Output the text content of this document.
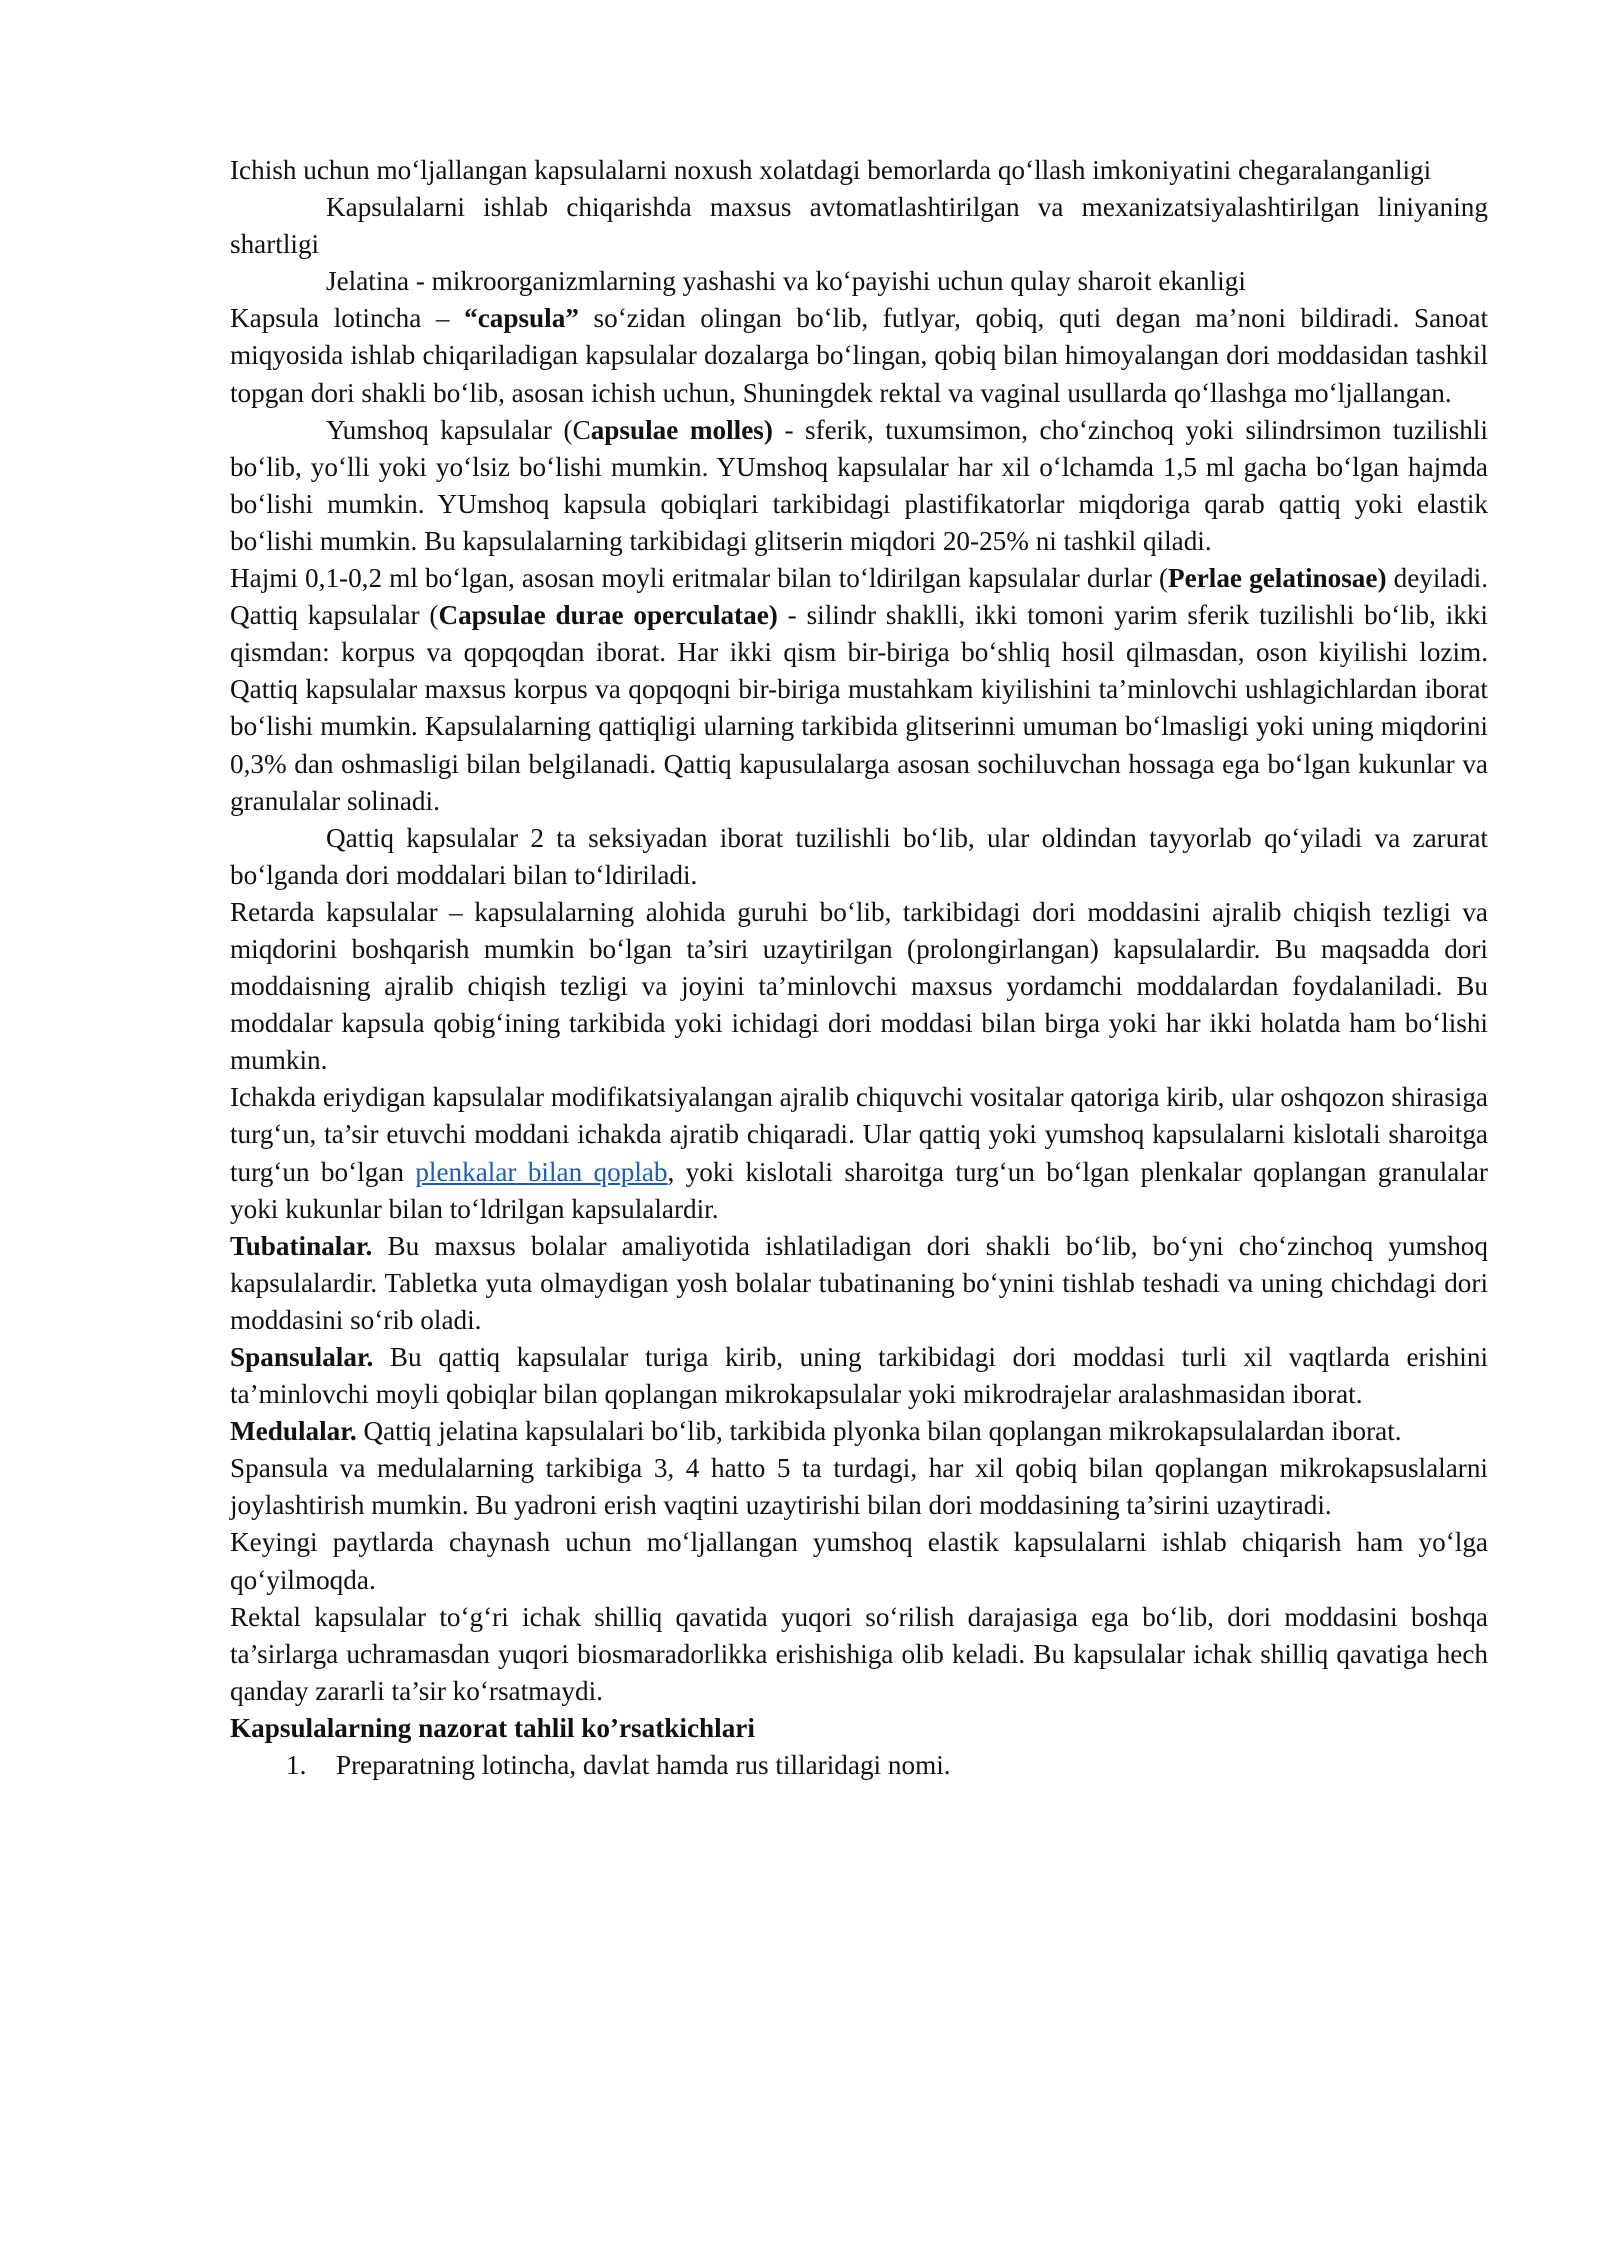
Ichish uchun mo‘ljallangan kapsulalarni noxush xolatdagi bemorlarda qo‘llash imkoniyatini chegaralanganligi

Kapsulalarni ishlab chiqarishda maxsus avtomatlashtirilgan va mexanizatsiyalashtirilgan liniyaning shartligi

Jelatina - mikroorganizmlarning yashashi va ko‘payishi uchun qulay sharoit ekanligi

Kapsula lotincha – “capsula” so‘zidan olingan bo‘lib, futlyar, qobiq, quti degan ma’noni bildiradi. Sanoat miqyosida ishlab chiqariladigan kapsulalar dozalarga bo‘lingan, qobiq bilan himoyalangan dori moddasidan tashkil topgan dori shakli bo‘lib, asosan ichish uchun, Shuningdek rektal va vaginal usullarda qo‘llashga mo‘ljallangan.

Yumshoq kapsulalar (Capsulae molles) - sferik, tuxumsimon, cho‘zinchoq yoki silindrsimon tuzilishli bo‘lib, yo‘lli yoki yo‘lsiz bo‘lishi mumkin. YUmshoq kapsulalar har xil o‘lchamda 1,5 ml gacha bo‘lgan hajmda bo‘lishi mumkin. YUmshoq kapsula qobiqlari tarkibidagi plastifikatorlar miqdoriga qarab qattiq yoki elastik bo‘lishi mumkin. Bu kapsulalarning tarkibidagi glitserin miqdori 20-25% ni tashkil qiladi.

Hajmi 0,1-0,2 ml bo‘lgan, asosan moyli eritmalar bilan to‘ldirilgan kapsulalar durlar (Perlae gelatinosae) deyiladi. Qattiq kapsulalar (Capsulae durae operculatae) - silindr shaklli, ikki tomoni yarim sferik tuzilishli bo‘lib, ikki qismdan: korpus va qopqoqdan iborat. Har ikki qism bir-biriga bo‘shliq hosil qilmasdan, oson kiyilishi lozim. Qattiq kapsulalar maxsus korpus va qopqoqni bir-biriga mustahkam kiyilishini ta’minlovchi ushlagichlardan iborat bo‘lishi mumkin. Kapsulalarning qattiqligi ularning tarkibida glitserinni umuman bo‘lmasligi yoki uning miqdorini 0,3% dan oshmasligi bilan belgilanadi. Qattiq kapusulalarga asosan sochiluvchan hossaga ega bo‘lgan kukunlar va granulalar solinadi.

Qattiq kapsulalar 2 ta seksiyadan iborat tuzilishli bo‘lib, ular oldindan tayyorlab qo‘yiladi va zarurat bo‘lganda dori moddalari bilan to‘ldiriladi.

Retarda kapsulalar – kapsulalarning alohida guruhi bo‘lib, tarkibidagi dori moddasini ajralib chiqish tezligi va miqdorini boshqarish mumkin bo‘lgan ta’siri uzaytirilgan (prolongirlangan) kapsulalardir. Bu maqsadda dori moddaisning ajralib chiqish tezligi va joyini ta’minlovchi maxsus yordamchi moddalardan foydalaniladi. Bu moddalar kapsula qobig‘ining tarkibida yoki ichidagi dori moddasi bilan birga yoki har ikki holatda ham bo‘lishi mumkin.

Ichakda eriydigan kapsulalar modifikatsiyalangan ajralib chiquvchi vositalar qatoriga kirib, ular oshqozon shirasiga turg‘un, ta’sir etuvchi moddani ichakda ajratib chiqaradi. Ular qattiq yoki yumshoq kapsulalarni kislotali sharoitga turg‘un bo‘lgan plenkalar bilan qoplab, yoki kislotali sharoitga turg‘un bo‘lgan plenkalar qoplangan granulalar yoki kukunlar bilan to‘ldrilgan kapsulalardir.

Tubatinalar. Bu maxsus bolalar amaliyotida ishlatiladigan dori shakli bo‘lib, bo‘yni cho‘zinchoq yumshoq kapsulalardir. Tabletka yuta olmaydigan yosh bolalar tubatinaning bo‘ynini tishlab teshadi va uning chichdagi dori moddasini so‘rib oladi.

Spansulalar. Bu qattiq kapsulalar turiga kirib, uning tarkibidagi dori moddasi turli xil vaqtlarda erishini ta’minlovchi moyli qobiqlar bilan qoplangan mikrokapsulalar yoki mikrodrajelar aralashmasidan iborat.

Medulalar. Qattiq jelatina kapsulalari bo‘lib, tarkibida plyonka bilan qoplangan mikrokapsulalardan iborat.

Spansula va medulalarning tarkibiga 3, 4 hatto 5 ta turdagi, har xil qobiq bilan qoplangan mikrokapsuslalarni joylashtirish mumkin. Bu yadroni erish vaqtini uzaytirishi bilan dori moddasining ta’sirini uzaytiradi.

Keyingi paytlarda chaynash uchun mo‘ljallangan yumshoq elastik kapsulalarni ishlab chiqarish ham yo‘lga qo‘yilmoqda.

Rektal kapsulalar to‘g‘ri ichak shilliq qavatida yuqori so‘rilish darajasiga ega bo‘lib, dori moddasini boshqa ta’sirlarga uchramasdan yuqori biosmaradorlikka erishishiga olib keladi. Bu kapsulalar ichak shilliq qavatiga hech qanday zararli ta’sir ko‘rsatmaydi.

Kapsulalarning nazorat tahlil ko’rsatkichlari

1. Preparatning lotincha, davlat hamda rus tillaridagi nomi.
